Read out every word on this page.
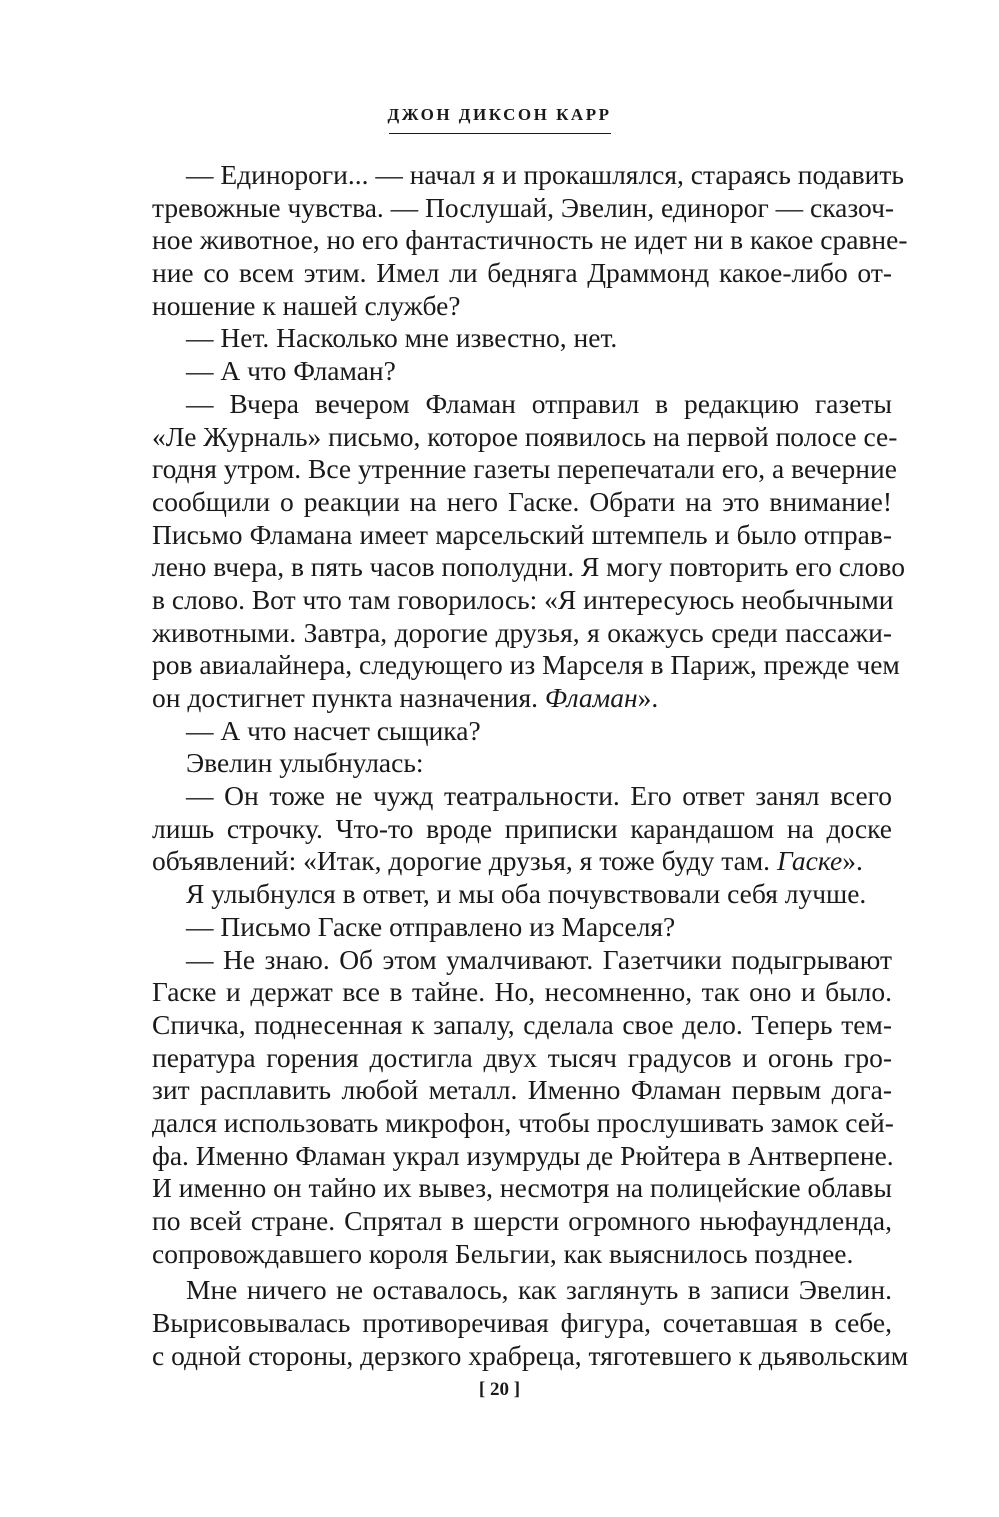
ДЖОН ДИКСОН КАРР
— Единороги... — начал я и прокашлялся, стараясь подавить
тревожные чувства. — Послушай, Эвелин, единорог — сказоч-
ное животное, но его фантастичность не идет ни в какое сравне-
ние со всем этим. Имел ли бедняга Драммонд какое-либо от-
ношение к нашей службе?
— Нет. Насколько мне известно, нет.
— А что Фламан?
— Вчера вечером Фламан отправил в редакцию газеты
«Ле Журналь» письмо, которое появилось на первой полосе се-
годня утром. Все утренние газеты перепечатали его, а вечерние
сообщили о реакции на него Гаске. Обрати на это внимание!
Письмо Фламана имеет марсельский штемпель и было отправ-
лено вчера, в пять часов пополудни. Я могу повторить его слово
в слово. Вот что там говорилось: «Я интересуюсь необычными
животными. Завтра, дорогие друзья, я окажусь среди пассажи-
ров авиалайнера, следующего из Марселя в Париж, прежде чем
он достигнет пункта назначения. Фламан».
— А что насчет сыщика?
Эвелин улыбнулась:
— Он тоже не чужд театральности. Его ответ занял всего
лишь строчку. Что-то вроде приписки карандашом на доске
объявлений: «Итак, дорогие друзья, я тоже буду там. Гаске».
Я улыбнулся в ответ, и мы оба почувствовали себя лучше.
— Письмо Гаске отправлено из Марселя?
— Не знаю. Об этом умалчивают. Газетчики подыгрывают
Гаске и держат все в тайне. Но, несомненно, так оно и было.
Спичка, поднесенная к запалу, сделала свое дело. Теперь тем-
пература горения достигла двух тысяч градусов и огонь гро-
зит расплавить любой металл. Именно Фламан первым дога-
дался использовать микрофон, чтобы прослушивать замок сей-
фа. Именно Фламан украл изумруды де Рюйтера в Антверпене.
И именно он тайно их вывез, несмотря на полицейские облавы
по всей стране. Спрятал в шерсти огромного ньюфаундленда,
сопровождавшего короля Бельгии, как выяснилось позднее.
Мне ничего не оставалось, как заглянуть в записи Эвелин.
Вырисовывалась противоречивая фигура, сочетавшая в себе,
с одной стороны, дерзкого храбреца, тяготевшего к дьявольским
[ 20 ]
